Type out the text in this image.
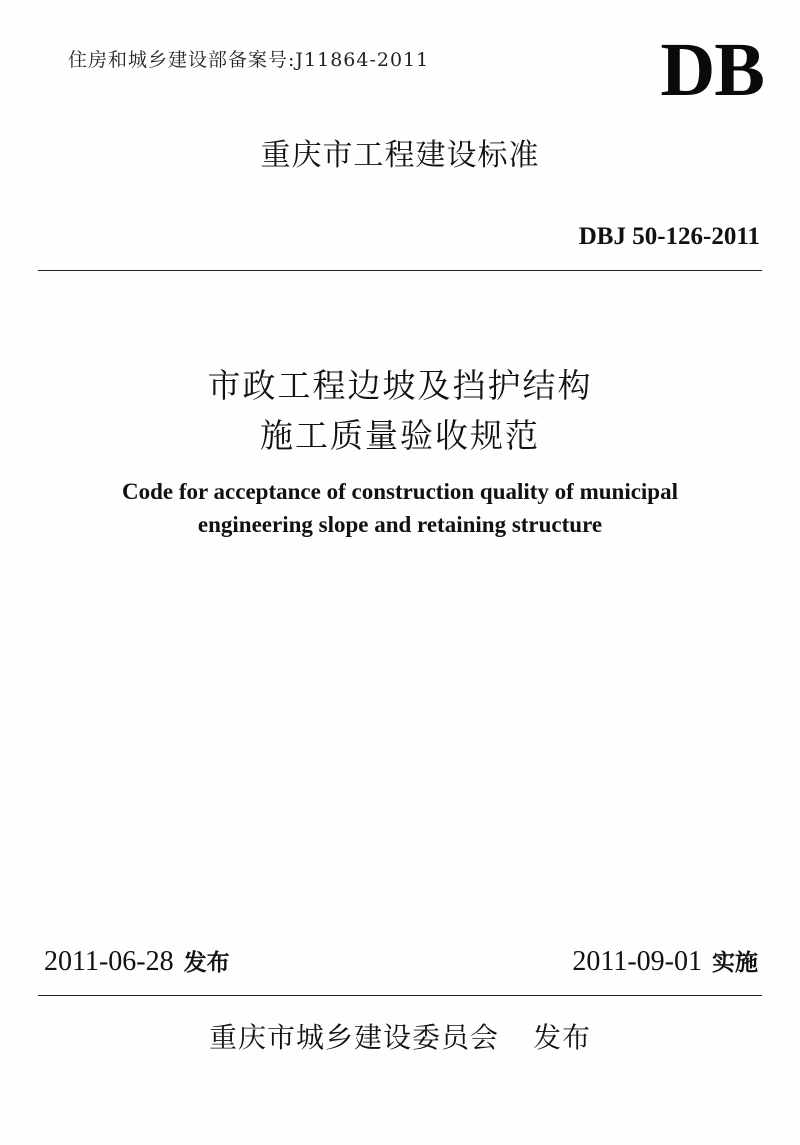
住房和城乡建设部备案号:J11864-2011	DB
重庆市工程建设标准
DBJ 50-126-2011
市政工程边坡及挡护结构
施工质量验收规范
Code for acceptance of construction quality of municipal
engineering slope and retaining structure
2011-06-28 发布	2011-09-01 实施
重庆市城乡建设委员会 发布
